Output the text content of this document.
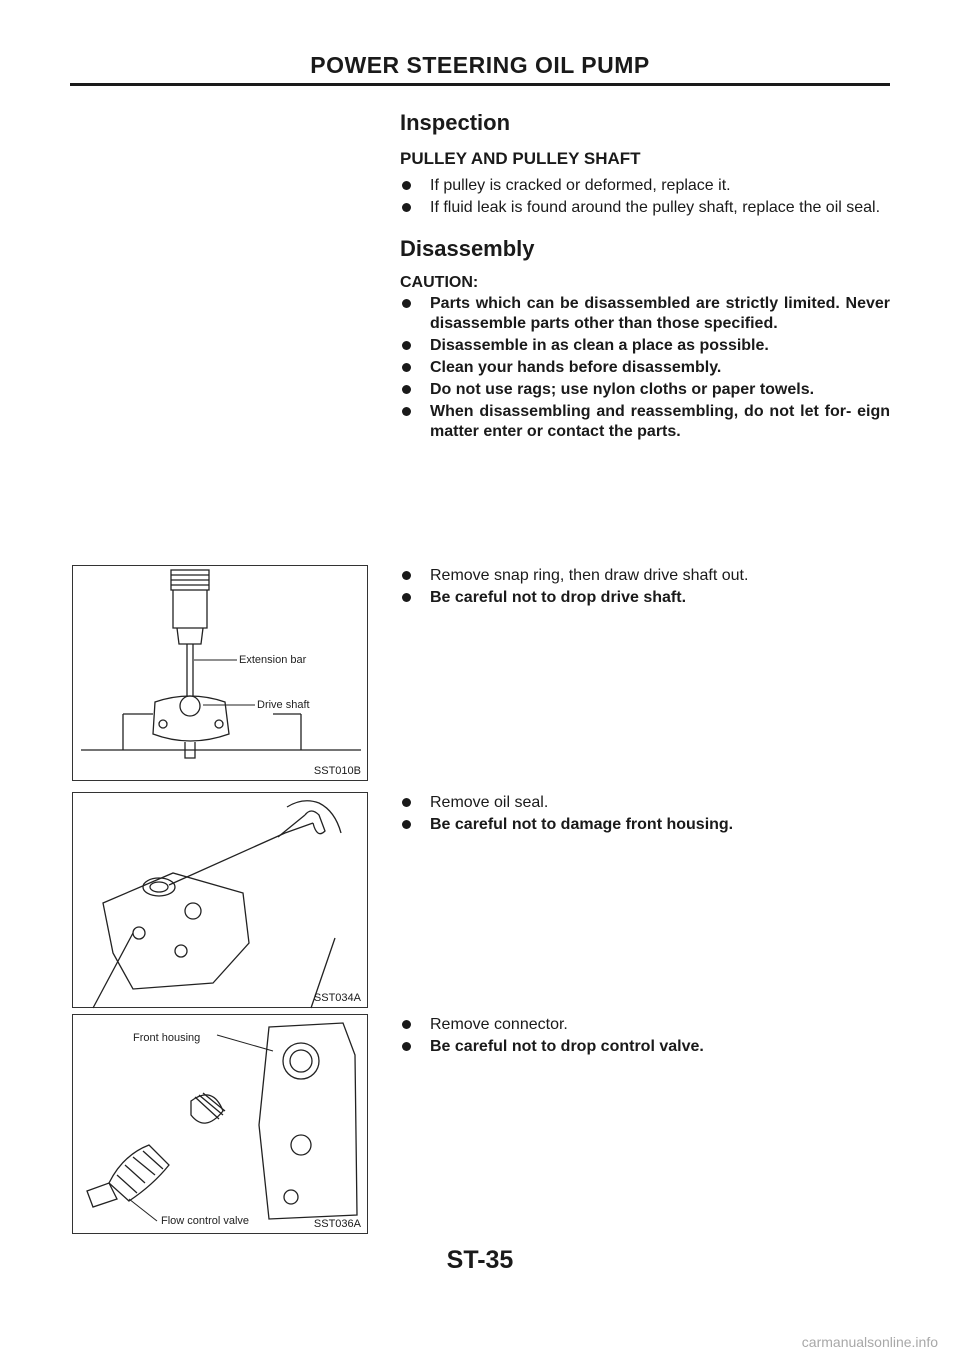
POWER STEERING OIL PUMP
Inspection
PULLEY AND PULLEY SHAFT
If pulley is cracked or deformed, replace it.
If fluid leak is found around the pulley shaft, replace the oil seal.
Disassembly
CAUTION:
Parts which can be disassembled are strictly limited. Never disassemble parts other than those specified.
Disassemble in as clean a place as possible.
Clean your hands before disassembly.
Do not use rags; use nylon cloths or paper towels.
When disassembling and reassembling, do not let for- eign matter enter or contact the parts.
Extension bar
Drive shaft
SST010B
Remove snap ring, then draw drive shaft out.
Be careful not to drop drive shaft.
SST034A
Remove oil seal.
Be careful not to damage front housing.
Front housing
Flow control valve	SST036A
Remove connector.
Be careful not to drop control valve.
ST-35
carmanualsonline.info
